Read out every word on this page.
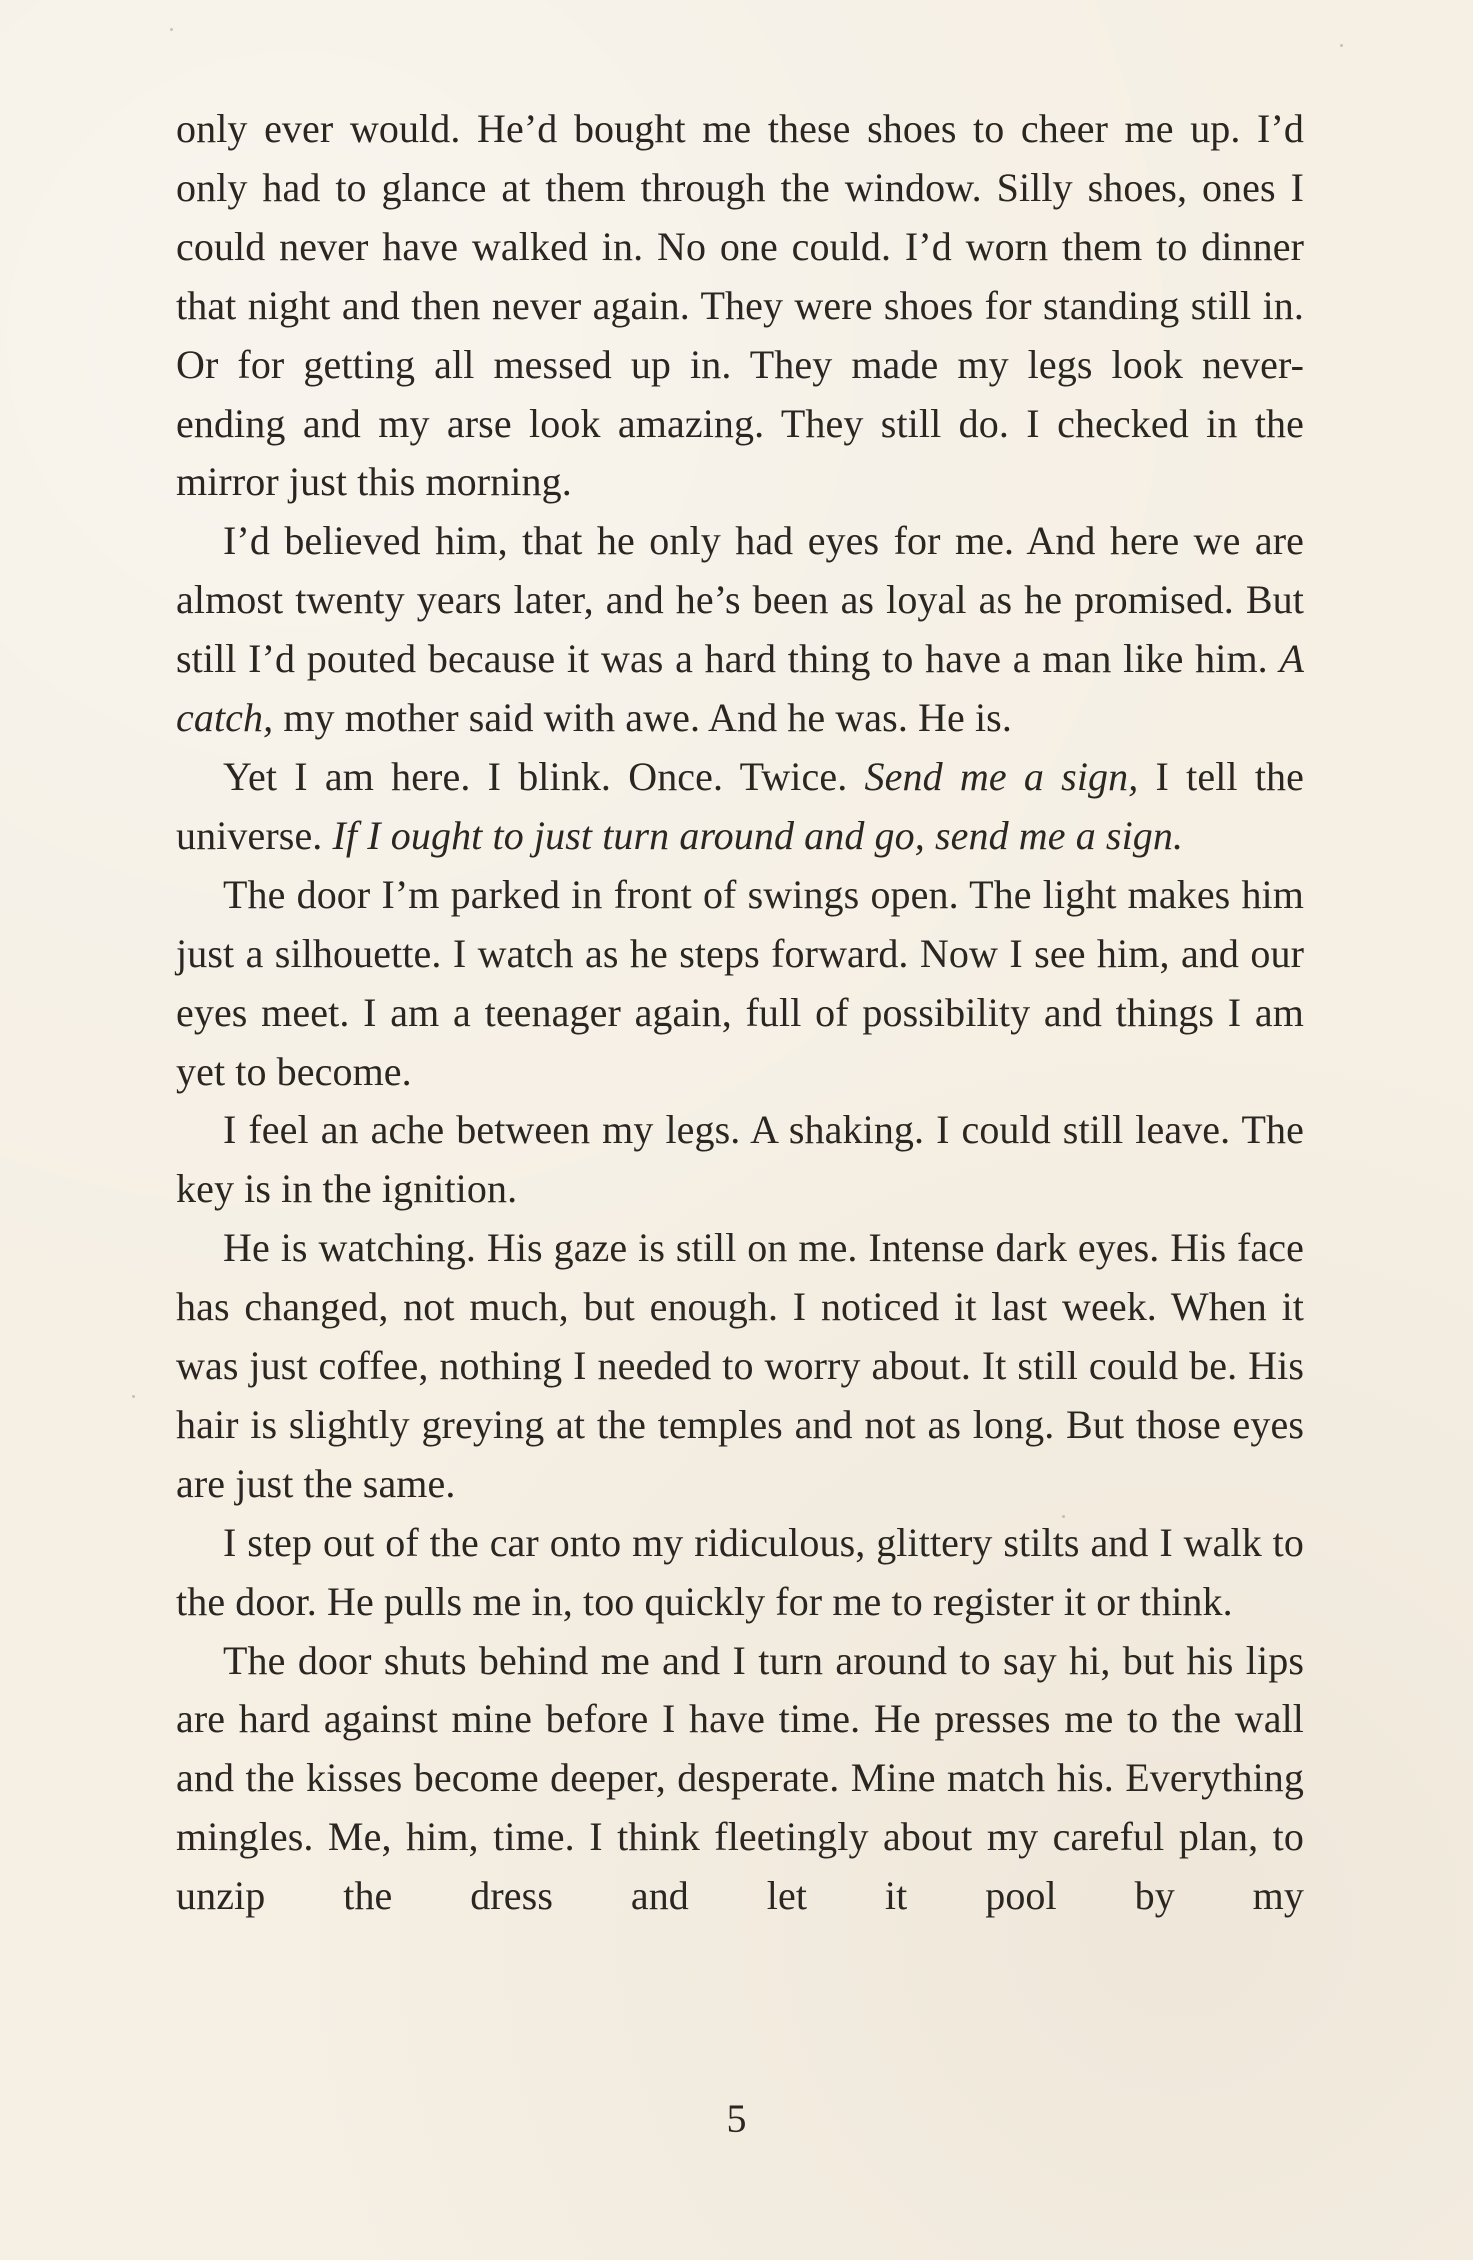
only ever would. He’d bought me these shoes to cheer me up. I’d only had to glance at them through the window. Silly shoes, ones I could never have walked in. No one could. I’d worn them to dinner that night and then never again. They were shoes for standing still in. Or for getting all messed up in. They made my legs look never-ending and my arse look amazing. They still do. I checked in the mirror just this morning.

I’d believed him, that he only had eyes for me. And here we are almost twenty years later, and he’s been as loyal as he promised. But still I’d pouted because it was a hard thing to have a man like him. A catch, my mother said with awe. And he was. He is.

Yet I am here. I blink. Once. Twice. Send me a sign, I tell the universe. If I ought to just turn around and go, send me a sign.

The door I’m parked in front of swings open. The light makes him just a silhouette. I watch as he steps forward. Now I see him, and our eyes meet. I am a teenager again, full of possibility and things I am yet to become.

I feel an ache between my legs. A shaking. I could still leave. The key is in the ignition.

He is watching. His gaze is still on me. Intense dark eyes. His face has changed, not much, but enough. I noticed it last week. When it was just coffee, nothing I needed to worry about. It still could be. His hair is slightly greying at the temples and not as long. But those eyes are just the same.

I step out of the car onto my ridiculous, glittery stilts and I walk to the door. He pulls me in, too quickly for me to register it or think.

The door shuts behind me and I turn around to say hi, but his lips are hard against mine before I have time. He presses me to the wall and the kisses become deeper, desperate. Mine match his. Everything mingles. Me, him, time. I think fleetingly about my careful plan, to unzip the dress and let it pool by my

5
